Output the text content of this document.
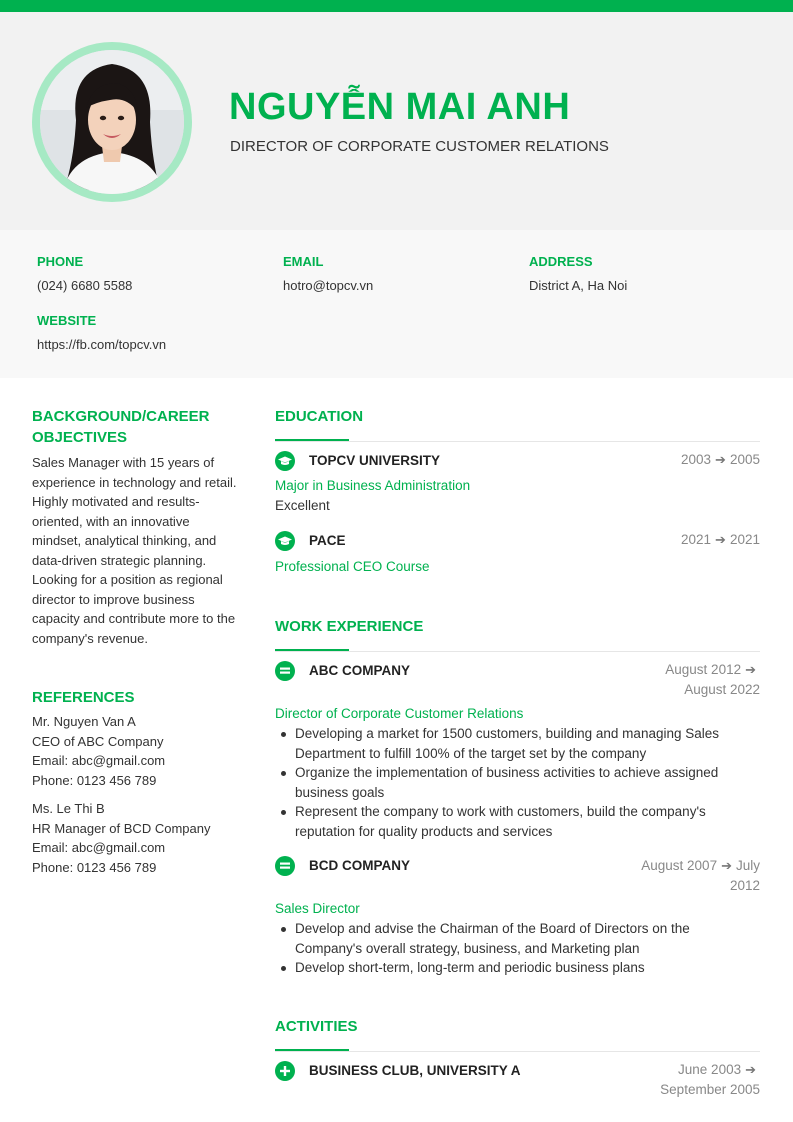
NGUYỄN MAI ANH
DIRECTOR OF CORPORATE CUSTOMER RELATIONS
PHONE
(024) 6680 5588
EMAIL
hotro@topcv.vn
ADDRESS
District A, Ha Noi
WEBSITE
https://fb.com/topcv.vn
BACKGROUND/CAREER
OBJECTIVES
Sales Manager with 15 years of
experience in technology and retail.
Highly motivated and results-
oriented, with an innovative
mindset, analytical thinking, and
data-driven strategic planning.
Looking for a position as regional
director to improve business
capacity and contribute more to the
company's revenue.
REFERENCES
Mr. Nguyen Van A
CEO of ABC Company
Email: abc@gmail.com
Phone: 0123 456 789
Ms. Le Thi B
HR Manager of BCD Company
Email: abc@gmail.com
Phone: 0123 456 789
EDUCATION
TOPCV UNIVERSITY	2003 ➔ 2005
Major in Business Administration
Excellent
PACE	2021 ➔ 2021
Professional CEO Course
WORK EXPERIENCE
ABC COMPANY	August 2012 ➔
August 2022
Director of Corporate Customer Relations
Developing a market for 1500 customers, building and managing Sales Department to fulfill 100% of the target set by the company
Organize the implementation of business activities to achieve assigned business goals
Represent the company to work with customers, build the company's reputation for quality products and services
BCD COMPANY	August 2007 ➔ July
2012
Sales Director
Develop and advise the Chairman of the Board of Directors on the Company's overall strategy, business, and Marketing plan
Develop short-term, long-term and periodic business plans
ACTIVITIES
BUSINESS CLUB, UNIVERSITY A	June 2003 ➔
September 2005
